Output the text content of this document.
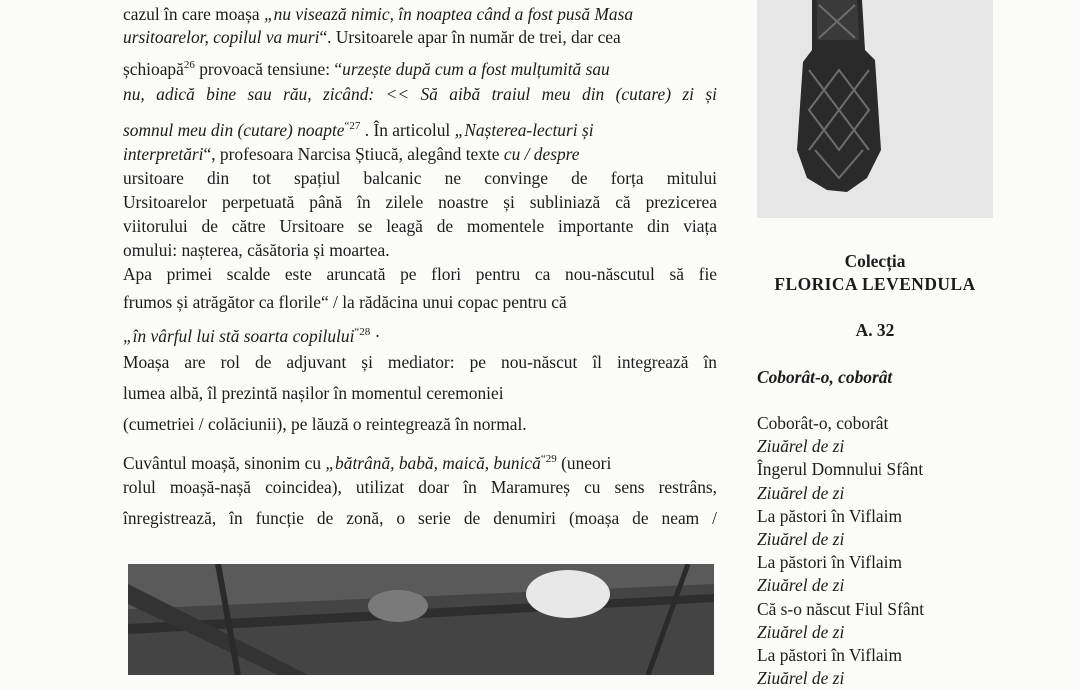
cazul în care moașa „nu visează nimic, în noaptea când a fost pusă Masa
ursitoarelor, copilul va muri“. Ursitoarele apar în număr de trei, dar cea
șchioapă$^{26}$ provoacă tensiune: “urzește după cum a fost mulțumită sau
nu, adică bine sau rău, zicând: << Să aibă traiul meu din (cutare) zi și
somnul meu din (cutare) noapte$^{“27}$ . În articolul „Nașterea-lecturi și
interpretări“, profesoara Narcisa Știucă, alegând texte cu / despre
ursitoare din tot spațiul balcanic ne convinge de forța mitului
Ursitoarelor perpetuată până în zilele noastre și subliniază că prezicerea
viitorului de către Ursitoare se leagă de momentele importante din viața
omului: nașterea, căsătoria și moartea.
Apa primei scalde este aruncată pe flori pentru ca nou-născutul să fie
frumos și atrăgător ca florile“ / la rădăcina unui copac pentru că
„în vârful lui stă soarta copilului$^{“28}$ ·
Moașa are rol de adjuvant și mediator: pe nou-născut îl integrează în
lumea albă, îl prezintă nașilor în momentul ceremoniei
(cumetriei / colăciunii), pe lăuză o reintegrează în normal.
Cuvântul moașă, sinonim cu „bătrână, babă, maică, bunică$^{“29}$ (uneori
rolul moașă-nașă coincidea), utilizat doar în Maramureș cu sens restrâns,
înregistrează, în funcție de zonă, o serie de denumiri (moașa de neam /
Colecția
FLORICA LEVENDULA
A. 32
Coborât-o, coborât
Coborât-o, coborât
Ziuărel de zi
Îngerul Domnului Sfânt
Ziuărel de zi
La păstori în Viflaim
Ziuărel de zi
La păstori în Viflaim
Ziuărel de zi
Că s-o născut Fiul Sfânt
Ziuărel de zi
La păstori în Viflaim
Ziuărel de zi
